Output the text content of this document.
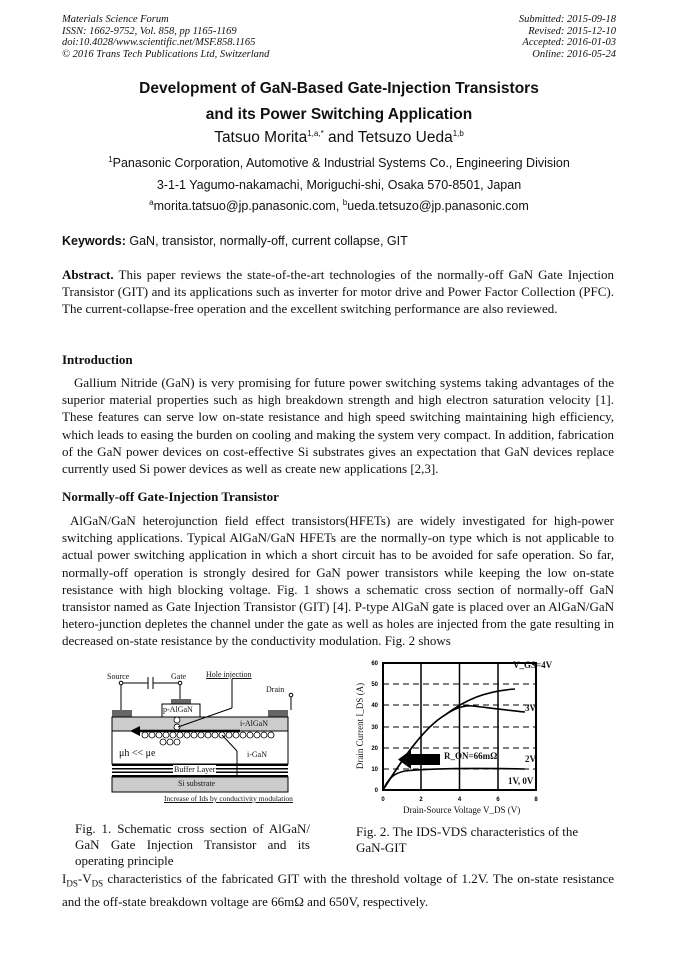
Materials Science Forum
ISSN: 1662-9752, Vol. 858, pp 1165-1169
doi:10.4028/www.scientific.net/MSF.858.1165
© 2016 Trans Tech Publications Ltd, Switzerland
Submitted: 2015-09-18
Revised: 2015-12-10
Accepted: 2016-01-03
Online: 2016-05-24
Development of GaN-Based Gate-Injection Transistors
and its Power Switching Application
Tatsuo Morita$^{1,a,*}$ and Tetsuzo Ueda$^{1,b}$
$^1$Panasonic Corporation, Automotive & Industrial Systems Co., Engineering Division
3-1-1 Yagumo-nakamachi, Moriguchi-shi, Osaka 570-8501, Japan
$^a$morita.tatsuo@jp.panasonic.com, $^b$ueda.tetsuzo@jp.panasonic.com
Keywords: GaN, transistor, normally-off, current collapse, GIT
Abstract. This paper reviews the state-of-the-art technologies of the normally-off GaN Gate Injection Transistor (GIT) and its applications such as inverter for motor drive and Power Factor Collection (PFC). The current-collapse-free operation and the excellent switching performance are also reviewed.
Introduction
Gallium Nitride (GaN) is very promising for future power switching systems taking advantages of the superior material properties such as high breakdown strength and high electron saturation velocity [1]. These features can serve low on-state resistance and high speed switching maintaining high efficiency, which leads to easing the burden on cooling and making the system very compact. In addition, fabrication of the GaN power devices on cost-effective Si substrates gives an expectation that GaN devices replace currently used Si power devices as well as create new applications [2,3].
Normally-off Gate-Injection Transistor
AlGaN/GaN heterojunction field effect transistors(HFETs) are widely investigated for high-power switching applications. Typical AlGaN/GaN HFETs are the normally-on type which is not applicable to actual power switching application in which a short circuit has to be avoided for safe operation. So far, normally-off operation is strongly desired for GaN power transistors while keeping the low on-state resistance with high blocking voltage. Fig. 1 shows a schematic cross section of normally-off GaN transistor named as Gate Injection Transistor (GIT) [4]. P-type AlGaN gate is placed over an AlGaN/GaN hetero-junction depletes the channel under the gate as well as holes are injected from the gate resulting in decreased on-state resistance by the conductivity modulation. Fig. 2 shows
Source	Gate Hole injection
Drain
p-AlGaN
i-AlGaN
i-GaN
μh << μe
Buffer Layer
Si substrate
Increase of Ids by conductivity modulation
Fig. 1. Schematic cross section of AlGaN/ GaN Gate Injection Transistor and its operating principle
0
10
20
30
40
50
60
0	2	4	6	8
V_GS=4V
3V
2V
1V, 0V
R_ON=66mΩ
Drain-Source Voltage V_DS (V)
Drain Current I_DS (A)
Fig. 2. The IDS-VDS characteristics of the GaN-GIT
$I_{DS}-V_{DS}$ characteristics of the fabricated GIT with the threshold voltage of 1.2V. The on-state resistance and the off-state breakdown voltage are 66mΩ and 650V, respectively.
